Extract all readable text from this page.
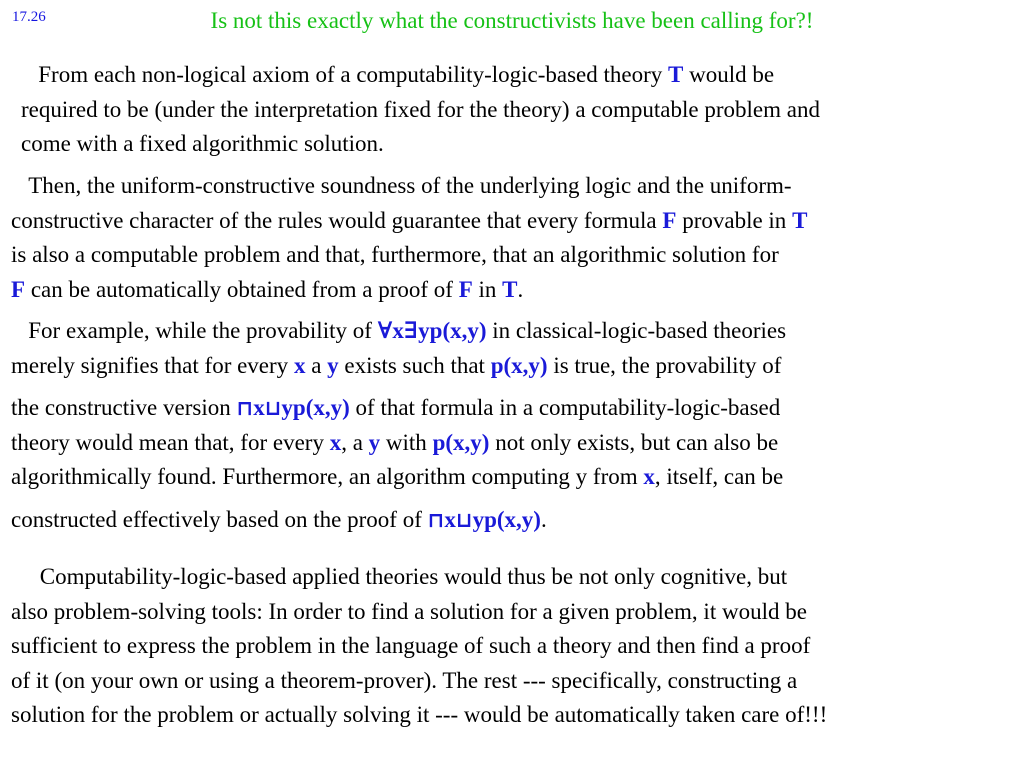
17.26	Is not this exactly what the constructivists have been calling for?!
From each non-logical axiom of a computability-logic-based theory T would be
required to be (under the interpretation fixed for the theory) a computable problem and
come with a fixed algorithmic solution.
Then, the uniform-constructive soundness of the underlying logic and the uniform-
constructive character of the rules would guarantee that every formula F provable in T
is also a computable problem and that, furthermore, that an algorithmic solution for
F can be automatically obtained from a proof of F in T.
For example, while the provability of ∀x∃yp(x,y) in classical-logic-based theories
merely signifies that for every x a y exists such that p(x,y) is true, the provability of
the constructive version ⊓x⊔yp(x,y) of that formula in a computability-logic-based
theory would mean that, for every x, a y with p(x,y) not only exists, but can also be
algorithmically found. Furthermore, an algorithm computing y from x, itself, can be
constructed effectively based on the proof of ⊓x⊔yp(x,y).
Computability-logic-based applied theories would thus be not only cognitive, but
also problem-solving tools: In order to find a solution for a given problem, it would be
sufficient to express the problem in the language of such a theory and then find a proof
of it (on your own or using a theorem-prover). The rest --- specifically, constructing a
solution for the problem or actually solving it --- would be automatically taken care of!!!
